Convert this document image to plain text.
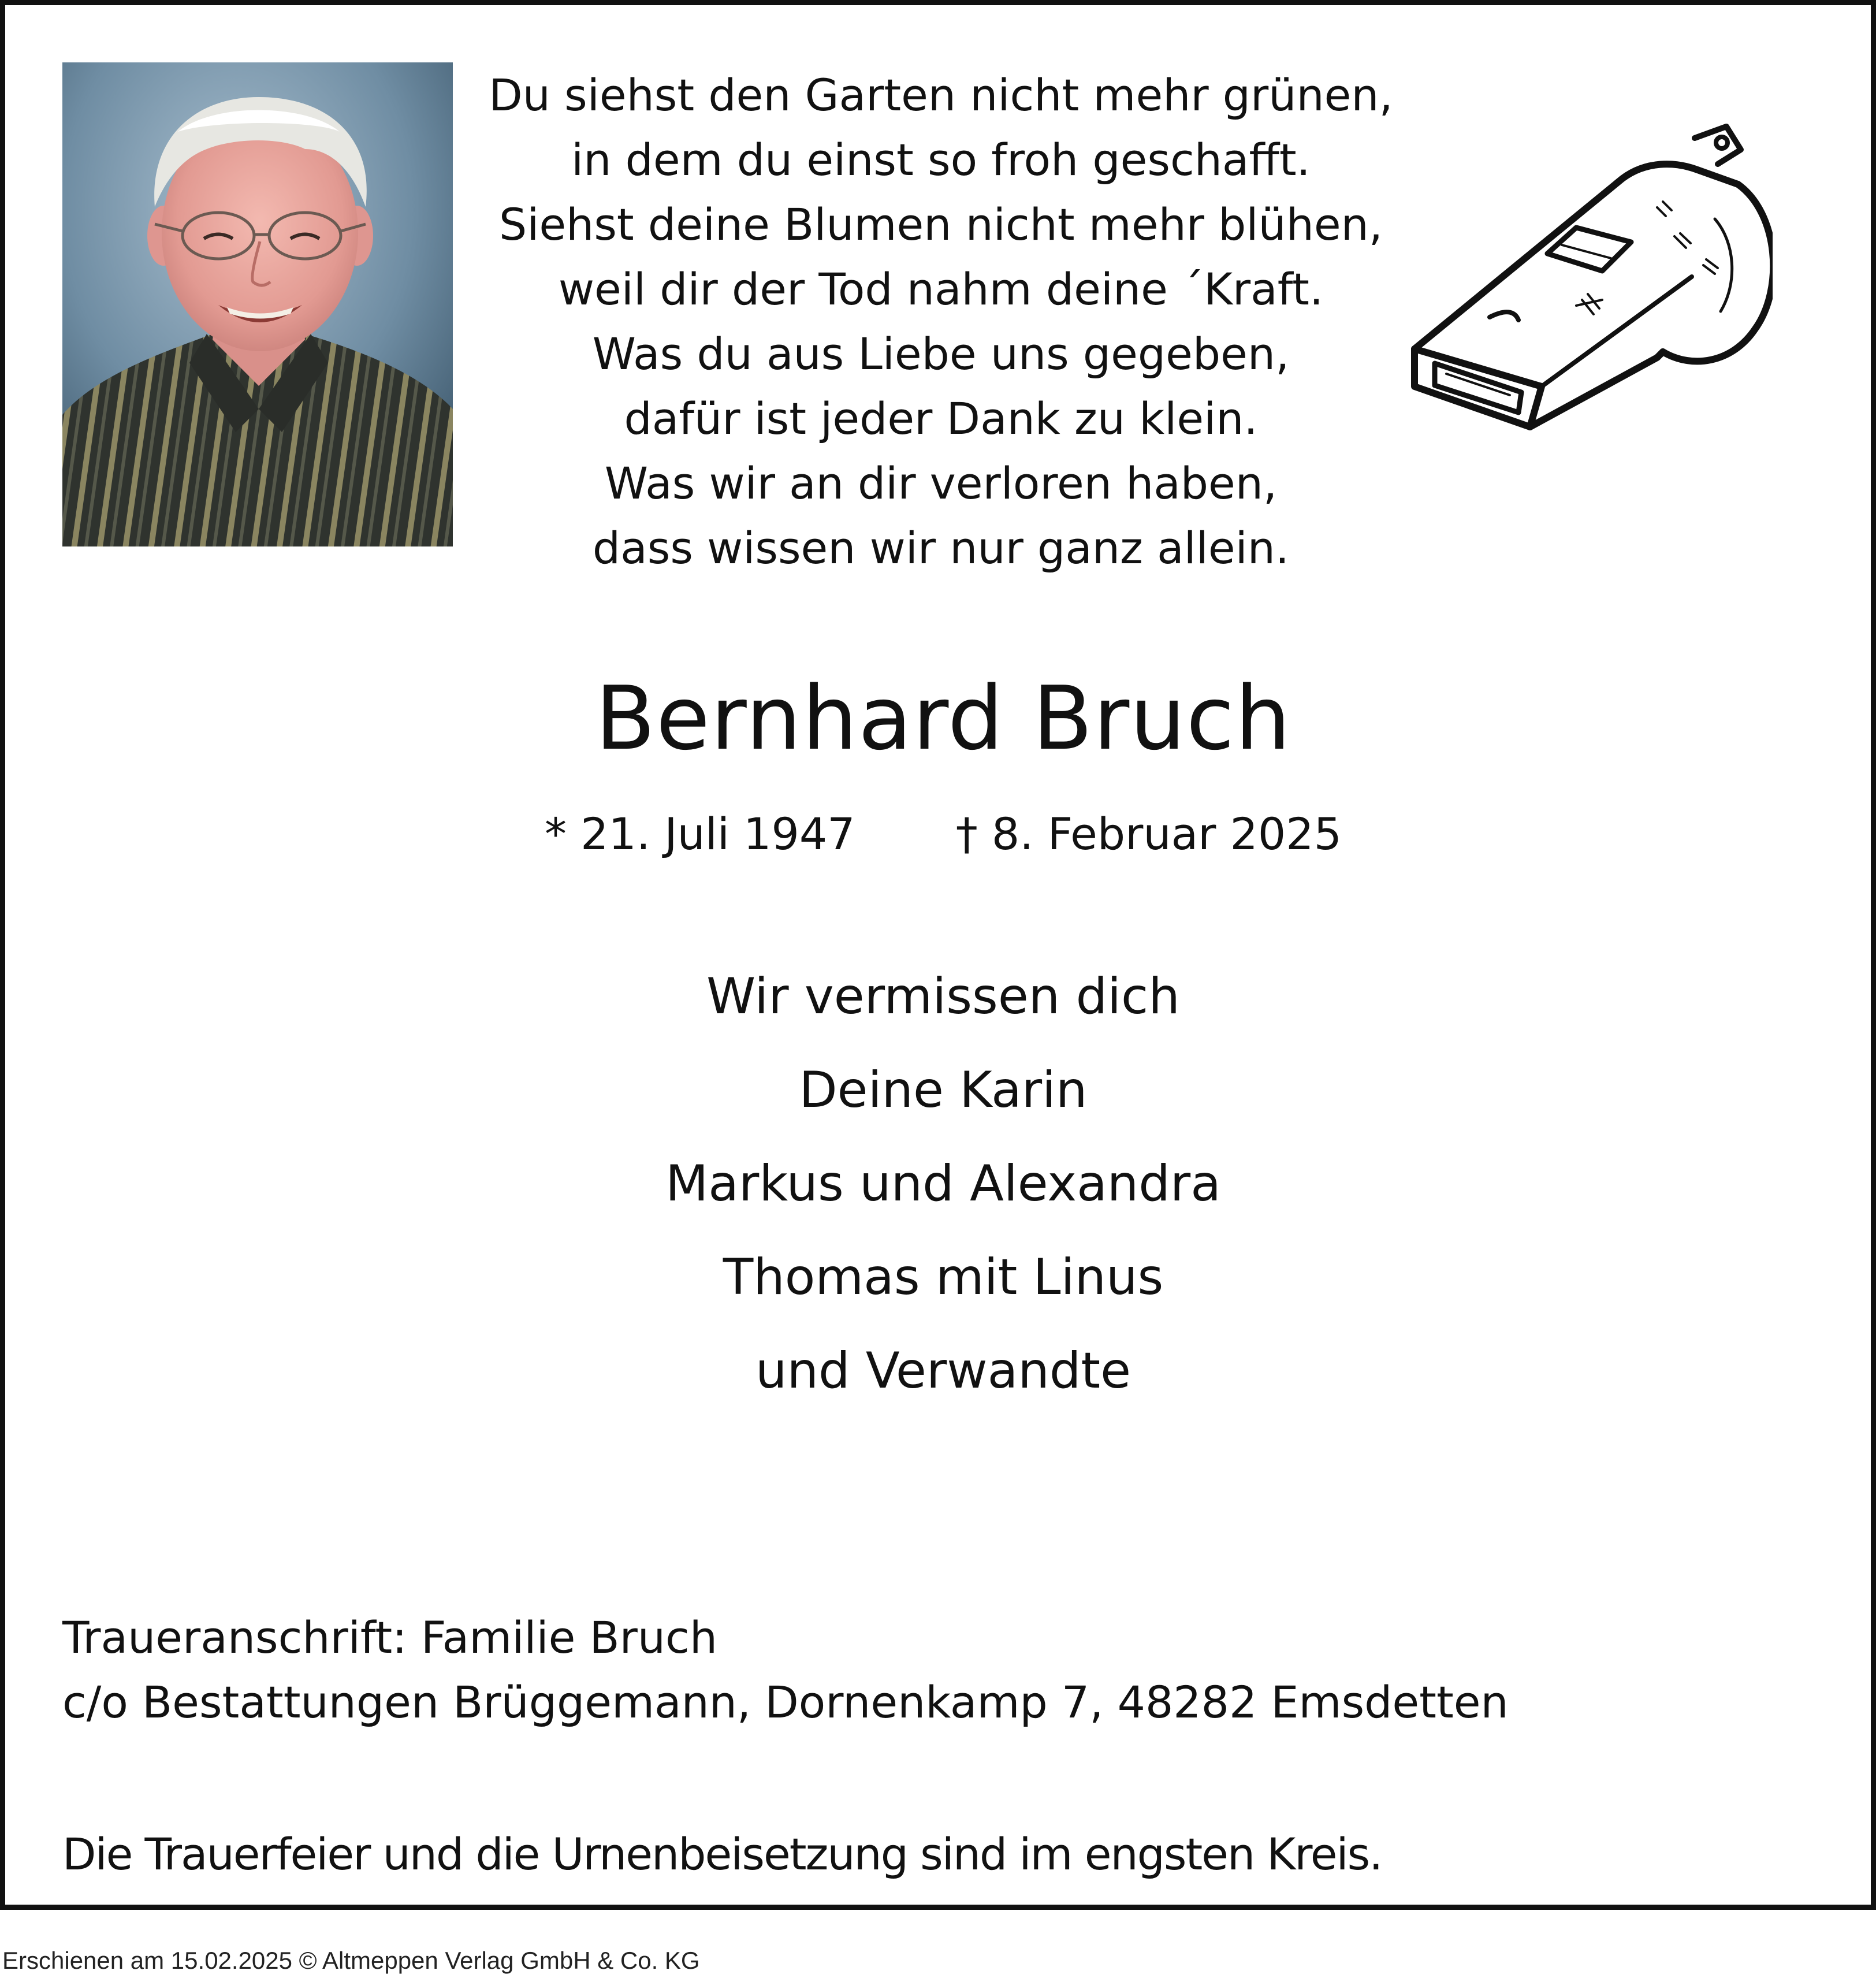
Du siehst den Garten nicht mehr grünen,
in dem du einst so froh geschafft.
Siehst deine Blumen nicht mehr blühen,
weil dir der Tod nahm deine ´Kraft.
Was du aus Liebe uns gegeben,
dafür ist jeder Dank zu klein.
Was wir an dir verloren haben,
dass wissen wir nur ganz allein.
Bernhard Bruch
* 21. Juli 1947 † 8. Februar 2025
Wir vermissen dich
Deine Karin
Markus und Alexandra
Thomas mit Linus
und Verwandte
Traueranschrift: Familie Bruch
c/o Bestattungen Brüggemann, Dornenkamp 7, 48282 Emsdetten
Die Trauerfeier und die Urnenbeisetzung sind im engsten Kreis.
Erschienen am 15.02.2025 © Altmeppen Verlag GmbH & Co. KG
